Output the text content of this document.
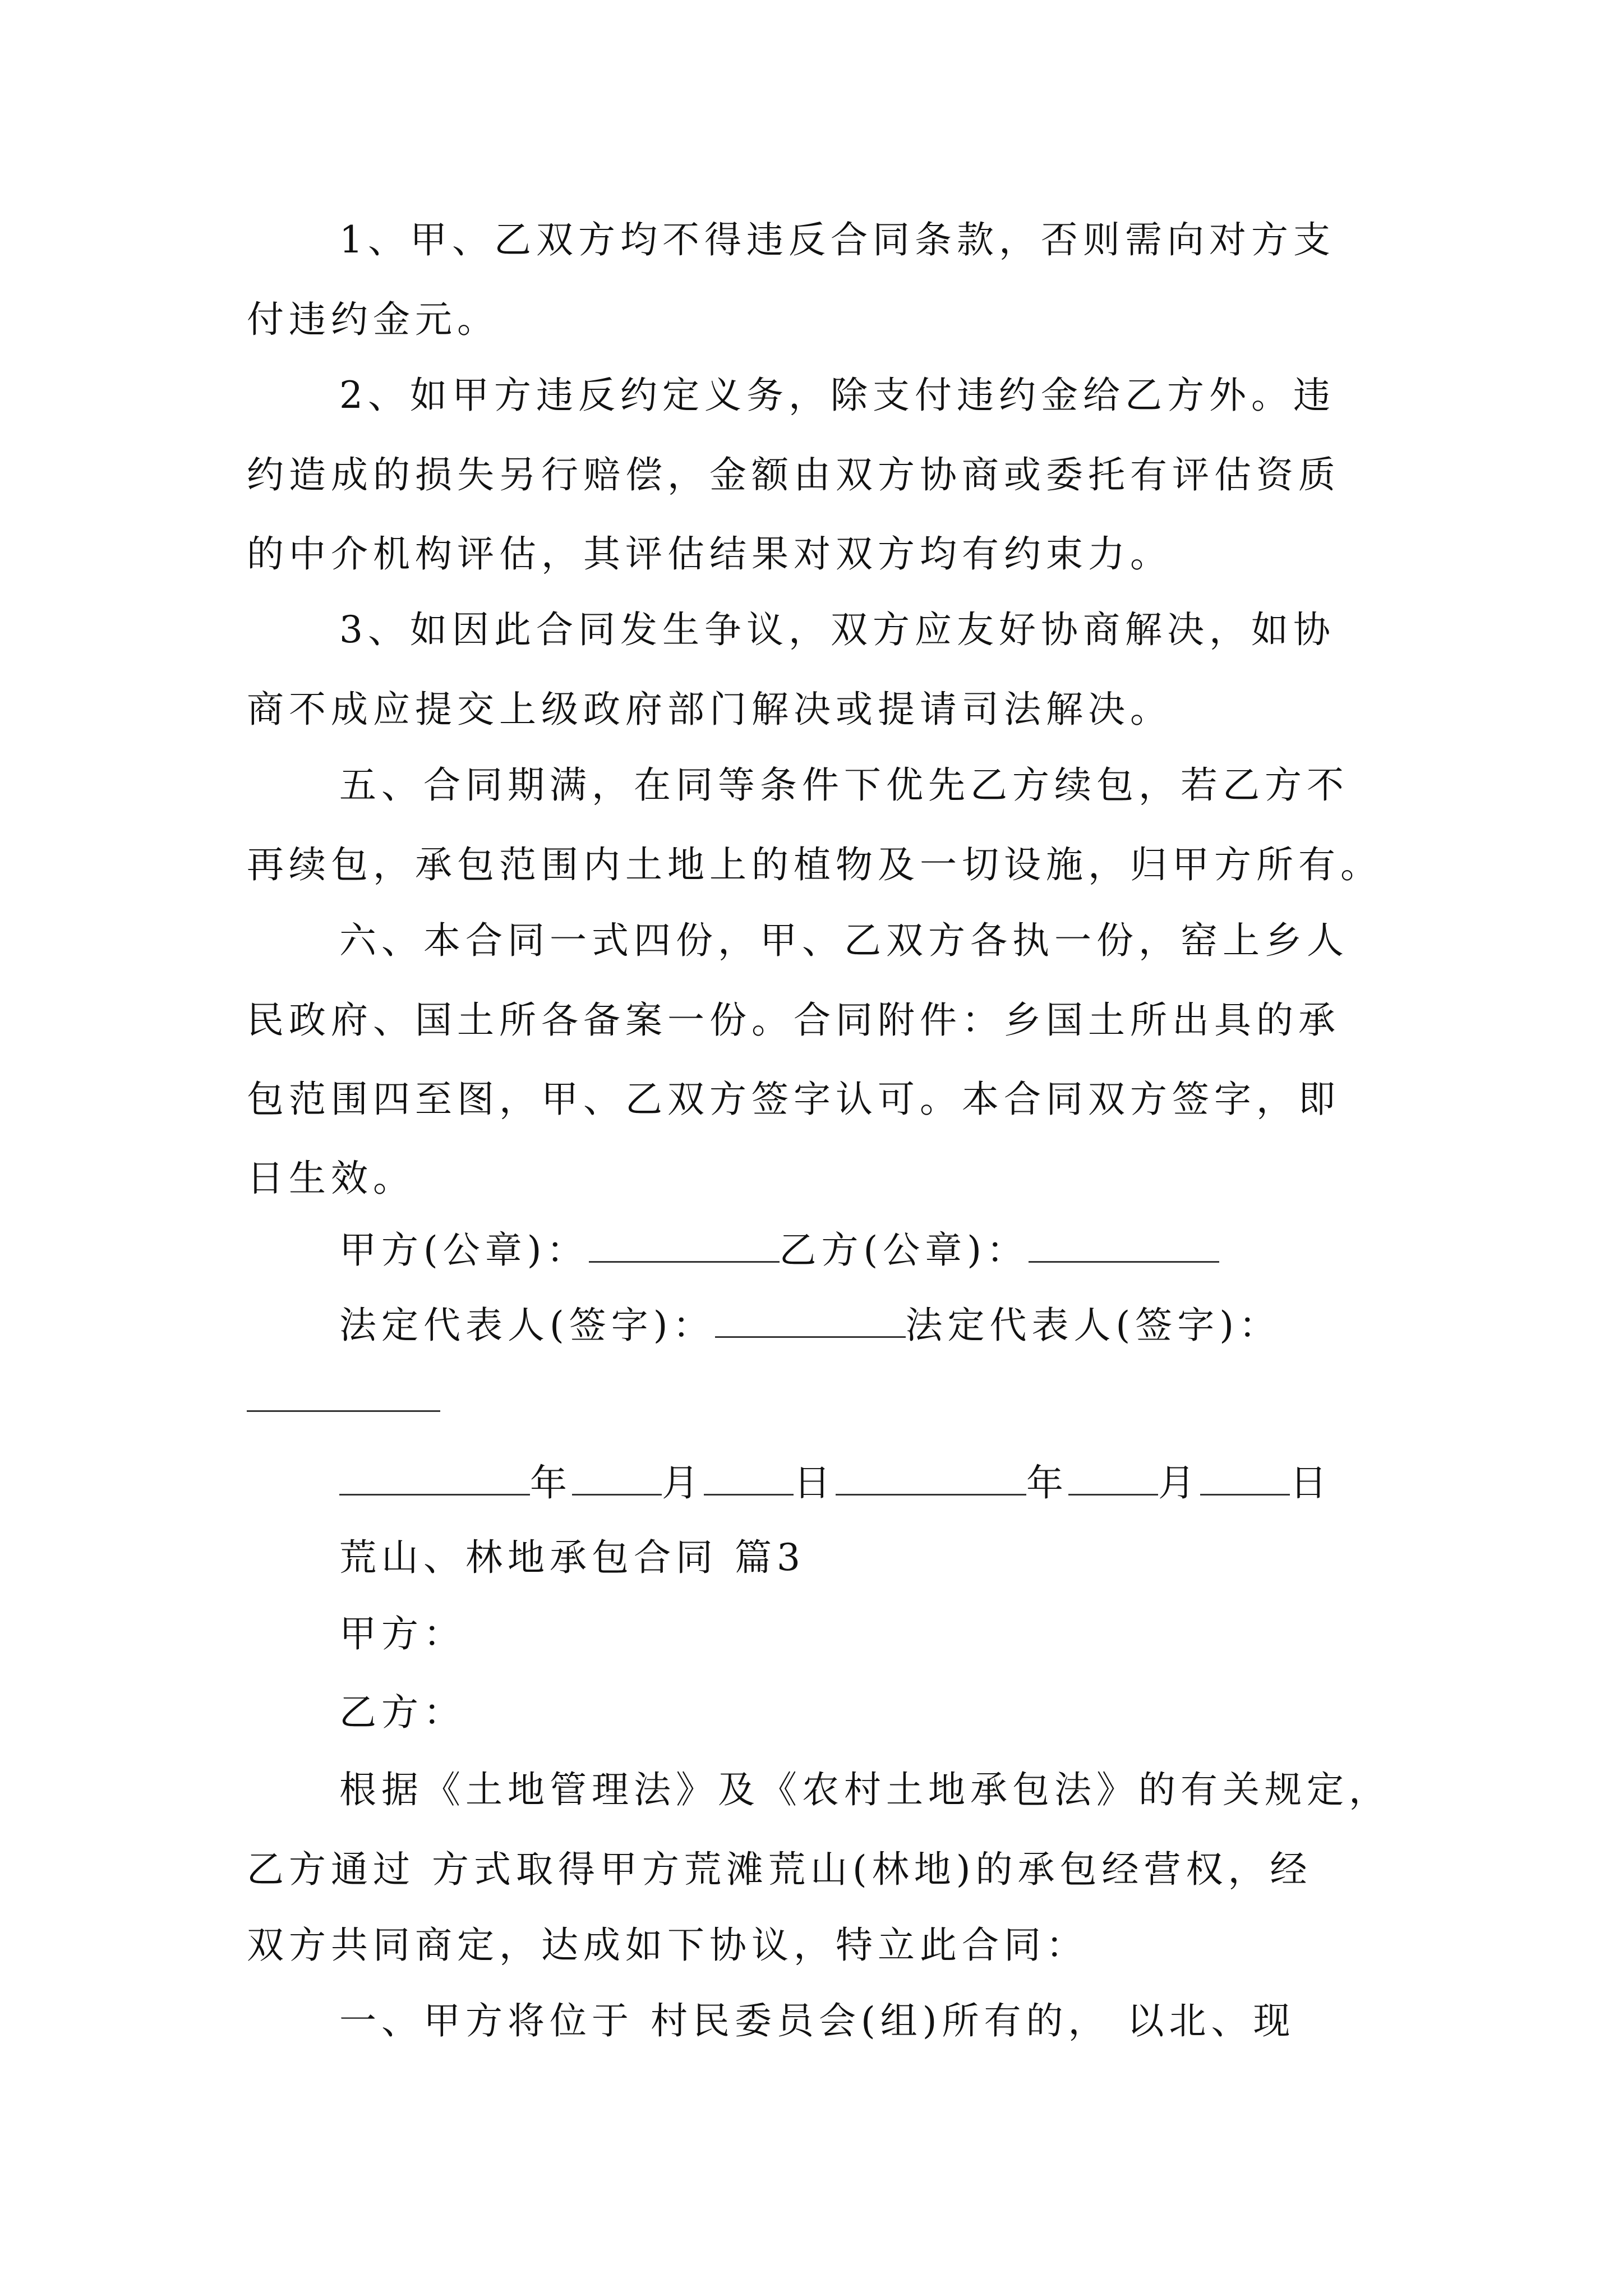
1、甲、乙双方均不得违反合同条款，否则需向对方支
付违约金元。
2、如甲方违反约定义务，除支付违约金给乙方外。违
约造成的损失另行赔偿，金额由双方协商或委托有评估资质
的中介机构评估，其评估结果对双方均有约束力。
3、如因此合同发生争议，双方应友好协商解决，如协
商不成应提交上级政府部门解决或提请司法解决。
五、合同期满，在同等条件下优先乙方续包，若乙方不
再续包，承包范围内土地上的植物及一切设施，归甲方所有。
六、本合同一式四份，甲、乙双方各执一份，窑上乡人
民政府、国土所各备案一份。合同附件：乡国土所出具的承
包范围四至图，甲、乙双方签字认可。本合同双方签字，即
日生效。
甲方(公章)：	乙方(公章)：
法定代表人(签字)：	法定代表人(签字)：
年 月 日	年 月 日
荒山、林地承包合同 篇3
甲方：
乙方：
根据《土地管理法》及《农村土地承包法》的有关规定，
乙方通过 方式取得甲方荒滩荒山(林地)的承包经营权，经
双方共同商定，达成如下协议，特立此合同：
一、甲方将位于 村民委员会(组)所有的， 以北、现
